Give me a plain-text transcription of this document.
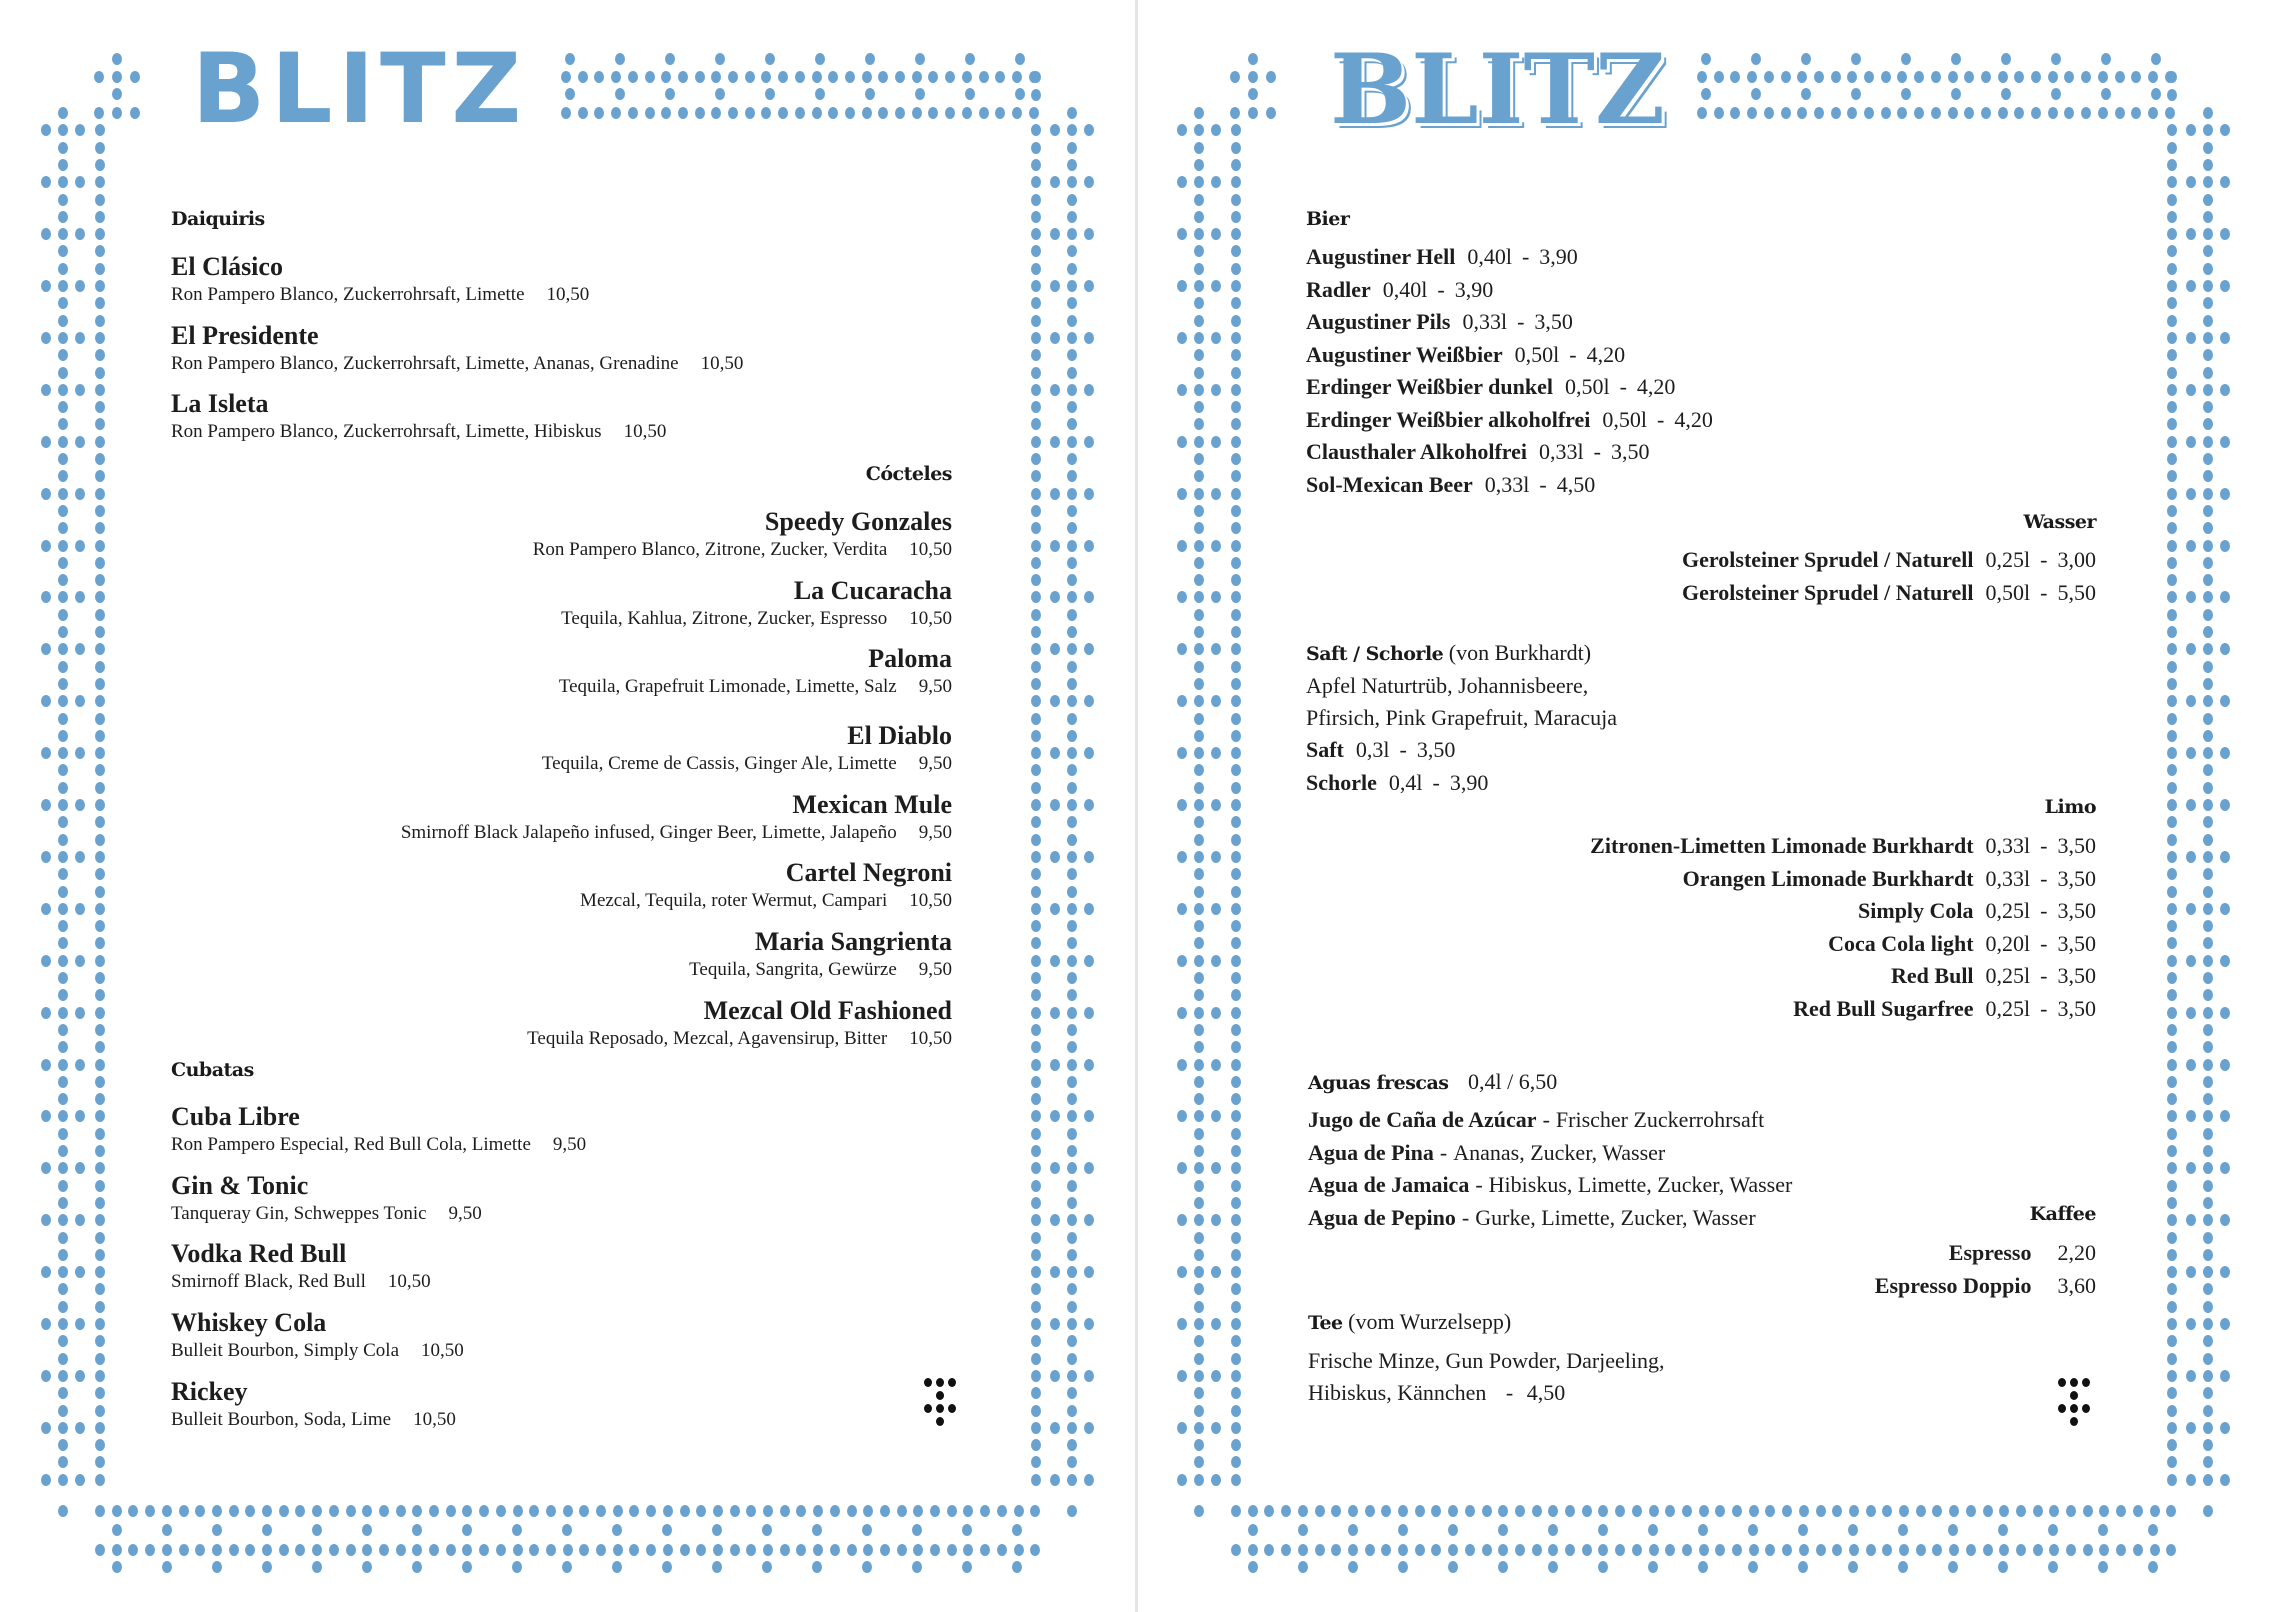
BLITZ
Daiquiris
El Clásico
Ron Pampero Blanco, Zuckerrohrsaft, Limette 10,50
El Presidente
Ron Pampero Blanco, Zuckerrohrsaft, Limette, Ananas, Grenadine 10,50
La Isleta
Ron Pampero Blanco, Zuckerrohrsaft, Limette, Hibiskus 10,50
Cócteles
Speedy Gonzales
Ron Pampero Blanco, Zitrone, Zucker, Verdita 10,50
La Cucaracha
Tequila, Kahlua, Zitrone, Zucker, Espresso 10,50
Paloma
Tequila, Grapefruit Limonade, Limette, Salz 9,50
El Diablo
Tequila, Creme de Cassis, Ginger Ale, Limette 9,50
Mexican Mule
Smirnoff Black Jalapeño infused, Ginger Beer, Limette, Jalapeño 9,50
Cartel Negroni
Mezcal, Tequila, roter Wermut, Campari 10,50
Maria Sangrienta
Tequila, Sangrita, Gewürze 9,50
Mezcal Old Fashioned
Tequila Reposado, Mezcal, Agavensirup, Bitter 10,50
Cubatas
Cuba Libre
Ron Pampero Especial, Red Bull Cola, Limette 9,50
Gin & Tonic
Tanqueray Gin, Schweppes Tonic 9,50
Vodka Red Bull
Smirnoff Black, Red Bull 10,50
Whiskey Cola
Bulleit Bourbon, Simply Cola 10,50
Rickey
Bulleit Bourbon, Soda, Lime 10,50
BLITZ
Bier
Augustiner Hell 0,40l - 3,90
Radler 0,40l - 3,90
Augustiner Pils 0,33l - 3,50
Augustiner Weißbier 0,50l - 4,20
Erdinger Weißbier dunkel 0,50l - 4,20
Erdinger Weißbier alkoholfrei 0,50l - 4,20
Clausthaler Alkoholfrei 0,33l - 3,50
Sol-Mexican Beer 0,33l - 4,50
Wasser
Gerolsteiner Sprudel / Naturell 0,25l - 3,00
Gerolsteiner Sprudel / Naturell 0,50l - 5,50
Saft / Schorle (von Burkhardt)
Apfel Naturtrüb, Johannisbeere,
Pfirsich, Pink Grapefruit, Maracuja
Saft 0,3l - 3,50
Schorle 0,4l - 3,90
Limo
Zitronen-Limetten Limonade Burkhardt 0,33l - 3,50
Orangen Limonade Burkhardt 0,33l - 3,50
Simply Cola 0,25l - 3,50
Coca Cola light 0,20l - 3,50
Red Bull 0,25l - 3,50
Red Bull Sugarfree 0,25l - 3,50
Aguas frescas 0,4l / 6,50
Jugo de Caña de Azúcar - Frischer Zuckerrohrsaft
Agua de Pina - Ananas, Zucker, Wasser
Agua de Jamaica - Hibiskus, Limette, Zucker, Wasser
Agua de Pepino - Gurke, Limette, Zucker, Wasser	Kaffee
Espresso 2,20
Espresso Doppio 3,60
Tee (vom Wurzelsepp)
Frische Minze, Gun Powder, Darjeeling,
Hibiskus, Kännchen - 4,50
